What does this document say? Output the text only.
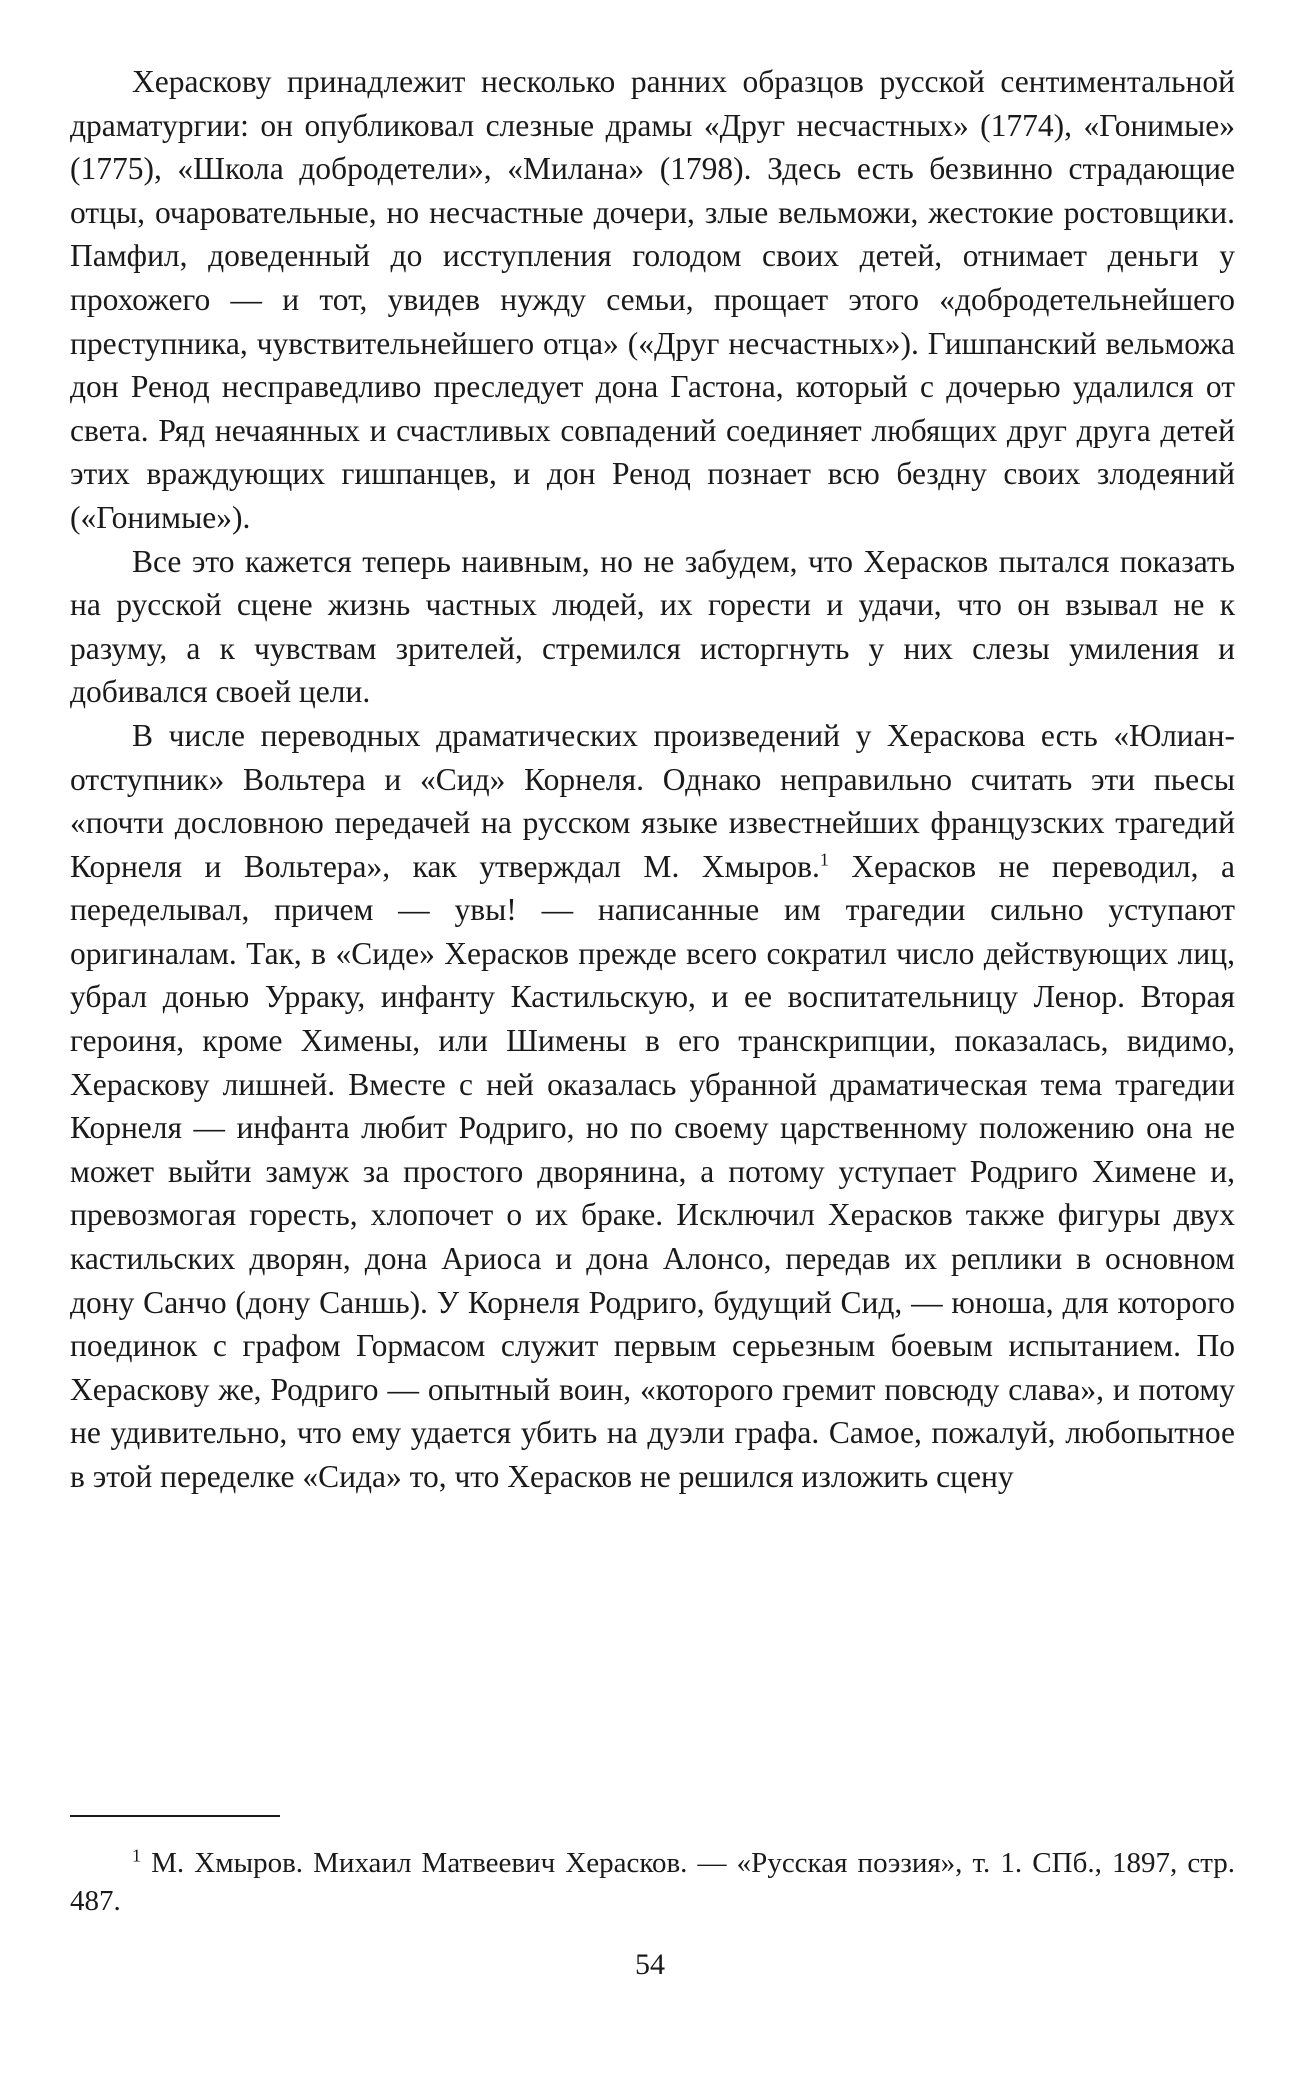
Хераскову принадлежит несколько ранних образцов русской сентиментальной драматургии: он опубликовал слезные драмы «Друг несчастных» (1774), «Гонимые» (1775), «Школа добродетели», «Милана» (1798). Здесь есть безвинно страдающие отцы, очаровательные, но несчастные дочери, злые вельможи, жестокие ростовщики. Памфил, доведенный до исступления голодом своих детей, отнимает деньги у прохожего — и тот, увидев нужду семьи, прощает этого «добродетельнейшего преступника, чувствительнейшего отца» («Друг несчастных»). Гишпанский вельможа дон Ренод несправедливо преследует дона Гастона, который с дочерью удалился от света. Ряд нечаянных и счастливых совпадений соединяет любящих друг друга детей этих враждующих гишпанцев, и дон Ренод познает всю бездну своих злодеяний («Гонимые»).

Все это кажется теперь наивным, но не забудем, что Херасков пытался показать на русской сцене жизнь частных людей, их горести и удачи, что он взывал не к разуму, а к чувствам зрителей, стремился исторгнуть у них слезы умиления и добивался своей цели.

В числе переводных драматических произведений у Хераскова есть «Юлиан-отступник» Вольтера и «Сид» Корнеля. Однако неправильно считать эти пьесы «почти дословною передачей на русском языке известнейших французских трагедий Корнеля и Вольтера», как утверждал М. Хмыров.$^1$ Херасков не переводил, а переделывал, причем — увы! — написанные им трагедии сильно уступают оригиналам. Так, в «Сиде» Херасков прежде всего сократил число действующих лиц, убрал донью Урраку, инфанту Кастильскую, и ее воспитательницу Ленор. Вторая героиня, кроме Химены, или Шимены в его транскрипции, показалась, видимо, Хераскову лишней. Вместе с ней оказалась убранной драматическая тема трагедии Корнеля — инфанта любит Родриго, но по своему царственному положению она не может выйти замуж за простого дворянина, а потому уступает Родриго Химене и, превозмогая горесть, хлопочет о их браке. Исключил Херасков также фигуры двух кастильских дворян, дона Ариоса и дона Алонсо, передав их реплики в основном дону Санчо (дону Саншь). У Корнеля Родриго, будущий Сид, — юноша, для которого поединок с графом Гормасом служит первым серьезным боевым испытанием. По Хераскову же, Родриго — опытный воин, «которого гремит повсюду слава», и потому не удивительно, что ему удается убить на дуэли графа. Самое, пожалуй, любопытное в этой переделке «Сида» то, что Херасков не решился изложить сцену

$^1$ М. Хмыров. Михаил Матвеевич Херасков. — «Русская поэзия», т. 1. СПб., 1897, стр. 487.
54
